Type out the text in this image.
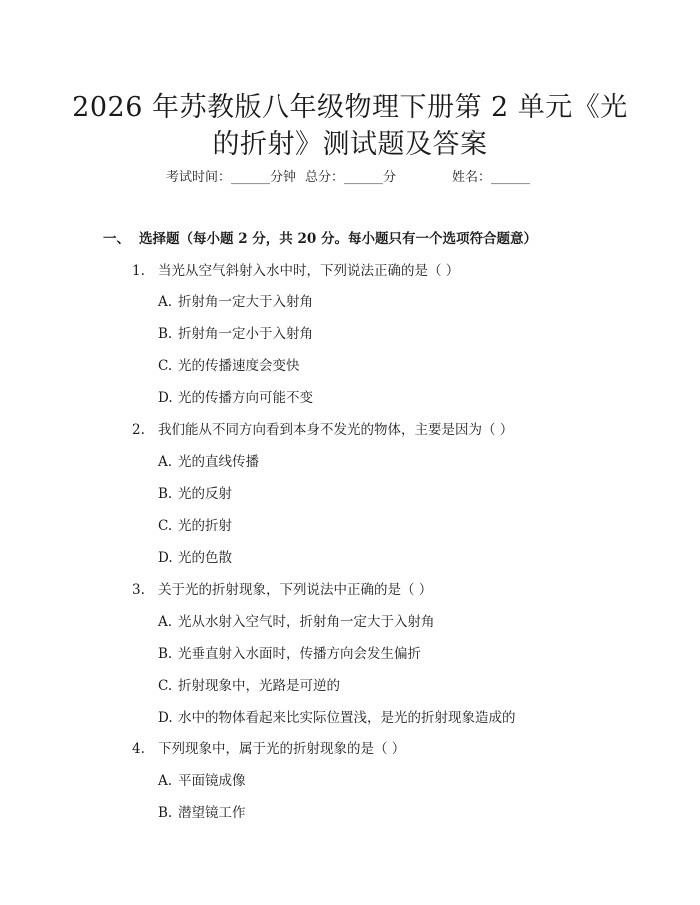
2026 年苏教版八年级物理下册第 2 单元《光
的折射》测试题及答案
考试时间：______分钟 总分：______分	姓名：______
一、 选择题（每小题 2 分，共 20 分。每小题只有一个选项符合题意）
1. 当光从空气斜射入水中时，下列说法正确的是（ ）
A. 折射角一定大于入射角
B. 折射角一定小于入射角
C. 光的传播速度会变快
D. 光的传播方向可能不变
2. 我们能从不同方向看到本身不发光的物体，主要是因为（ ）
A. 光的直线传播
B. 光的反射
C. 光的折射
D. 光的色散
3. 关于光的折射现象，下列说法中正确的是（ ）
A. 光从水射入空气时，折射角一定大于入射角
B. 光垂直射入水面时，传播方向会发生偏折
C. 折射现象中，光路是可逆的
D. 水中的物体看起来比实际位置浅，是光的折射现象造成的
4. 下列现象中，属于光的折射现象的是（ ）
A. 平面镜成像
B. 潜望镜工作
